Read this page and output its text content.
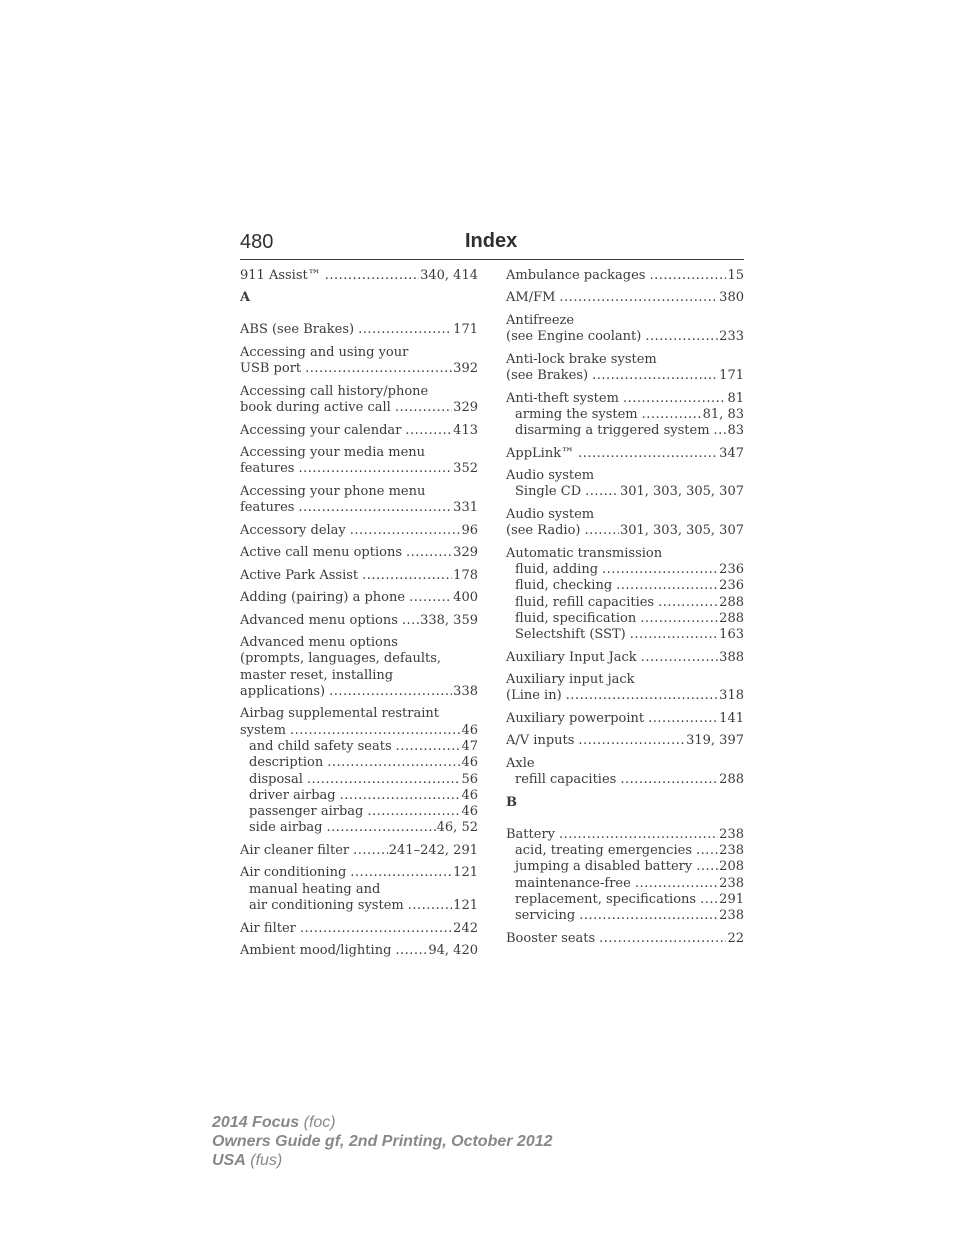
480	Index
911 Assist™ .....	340, 414
A
ABS (see Brakes) .....	171
Accessing and using your
USB port .....	392
Accessing call history/phone
book during active call .....	329
Accessing your calendar .....	413
Accessing your media menu
features .....	352
Accessing your phone menu
features .....	331
Accessory delay .....	96
Active call menu options .....	329
Active Park Assist .....	178
Adding (pairing) a phone .....	400
Advanced menu options ..... 338, 359
Advanced menu options
(prompts, languages, defaults,
master reset, installing
applications) .....	338
Airbag supplemental restraint
system .....	46
and child safety seats .....	47
description .....	46
disposal .....	56
driver airbag .....	46
passenger airbag .....	46
side airbag .....	46, 52
Air cleaner filter .....	241–242, 291
Air conditioning .....	121
manual heating and
air conditioning system .....	121
Air filter .....	242
Ambient mood/lighting .....	94, 420
Ambulance packages .....	15
AM/FM .....	380
Antifreeze
(see Engine coolant) .....	233
Anti-lock brake system
(see Brakes) .....	171
Anti-theft system .....	81
arming the system .....	81, 83
disarming a triggered system ..... 83
AppLink™ .....	347
Audio system
Single CD .....	301, 303, 305, 307
Audio system
(see Radio) .....	301, 303, 305, 307
Automatic transmission
fluid, adding .....	236
fluid, checking .....	236
fluid, refill capacities .....	288
fluid, specification .....	288
Selectshift (SST) .....	163
Auxiliary Input Jack .....	388
Auxiliary input jack
(Line in) .....	318
Auxiliary powerpoint .....	141
A/V inputs .....	319, 397
Axle
refill capacities .....	288
B
Battery .....	238
acid, treating emergencies ..... 238
jumping a disabled battery ..... 208
maintenance-free .....	238
replacement, specifications ..... 291
servicing .....	238
Booster seats .....	22
2014 Focus (foc)
Owners Guide gf, 2nd Printing, October 2012
USA (fus)
